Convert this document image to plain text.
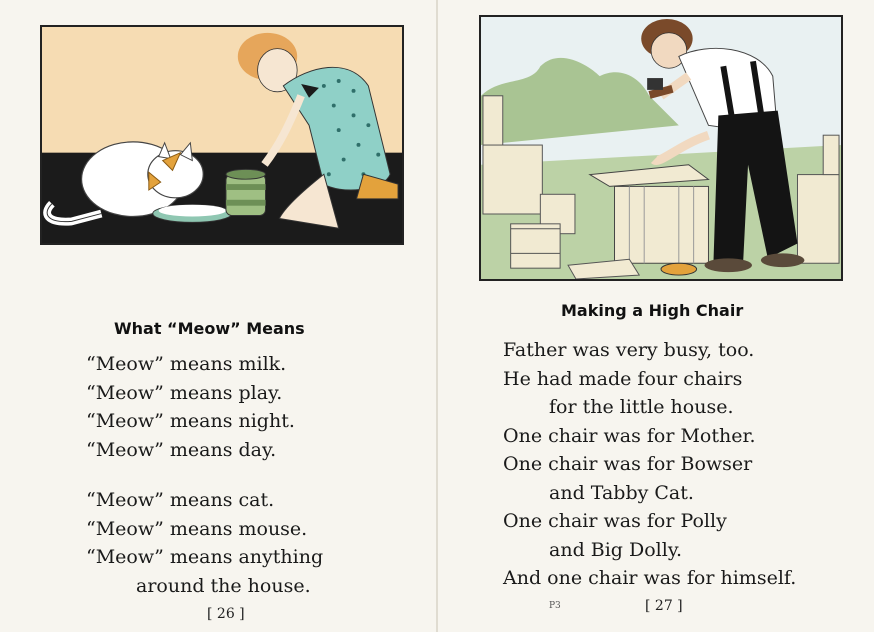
What “Meow” Means
“Meow” means milk.
“Meow” means play.
“Meow” means night.
“Meow” means day.
“Meow” means cat.
“Meow” means mouse.
“Meow” means anything
around the house.
[ 26 ]
Making a High Chair
Father was very busy, too.
He had made four chairs
for the little house.
One chair was for Mother.
One chair was for Bowser
and Tabby Cat.
One chair was for Polly
and Big Dolly.
And one chair was for himself.
P3	[ 27 ]
